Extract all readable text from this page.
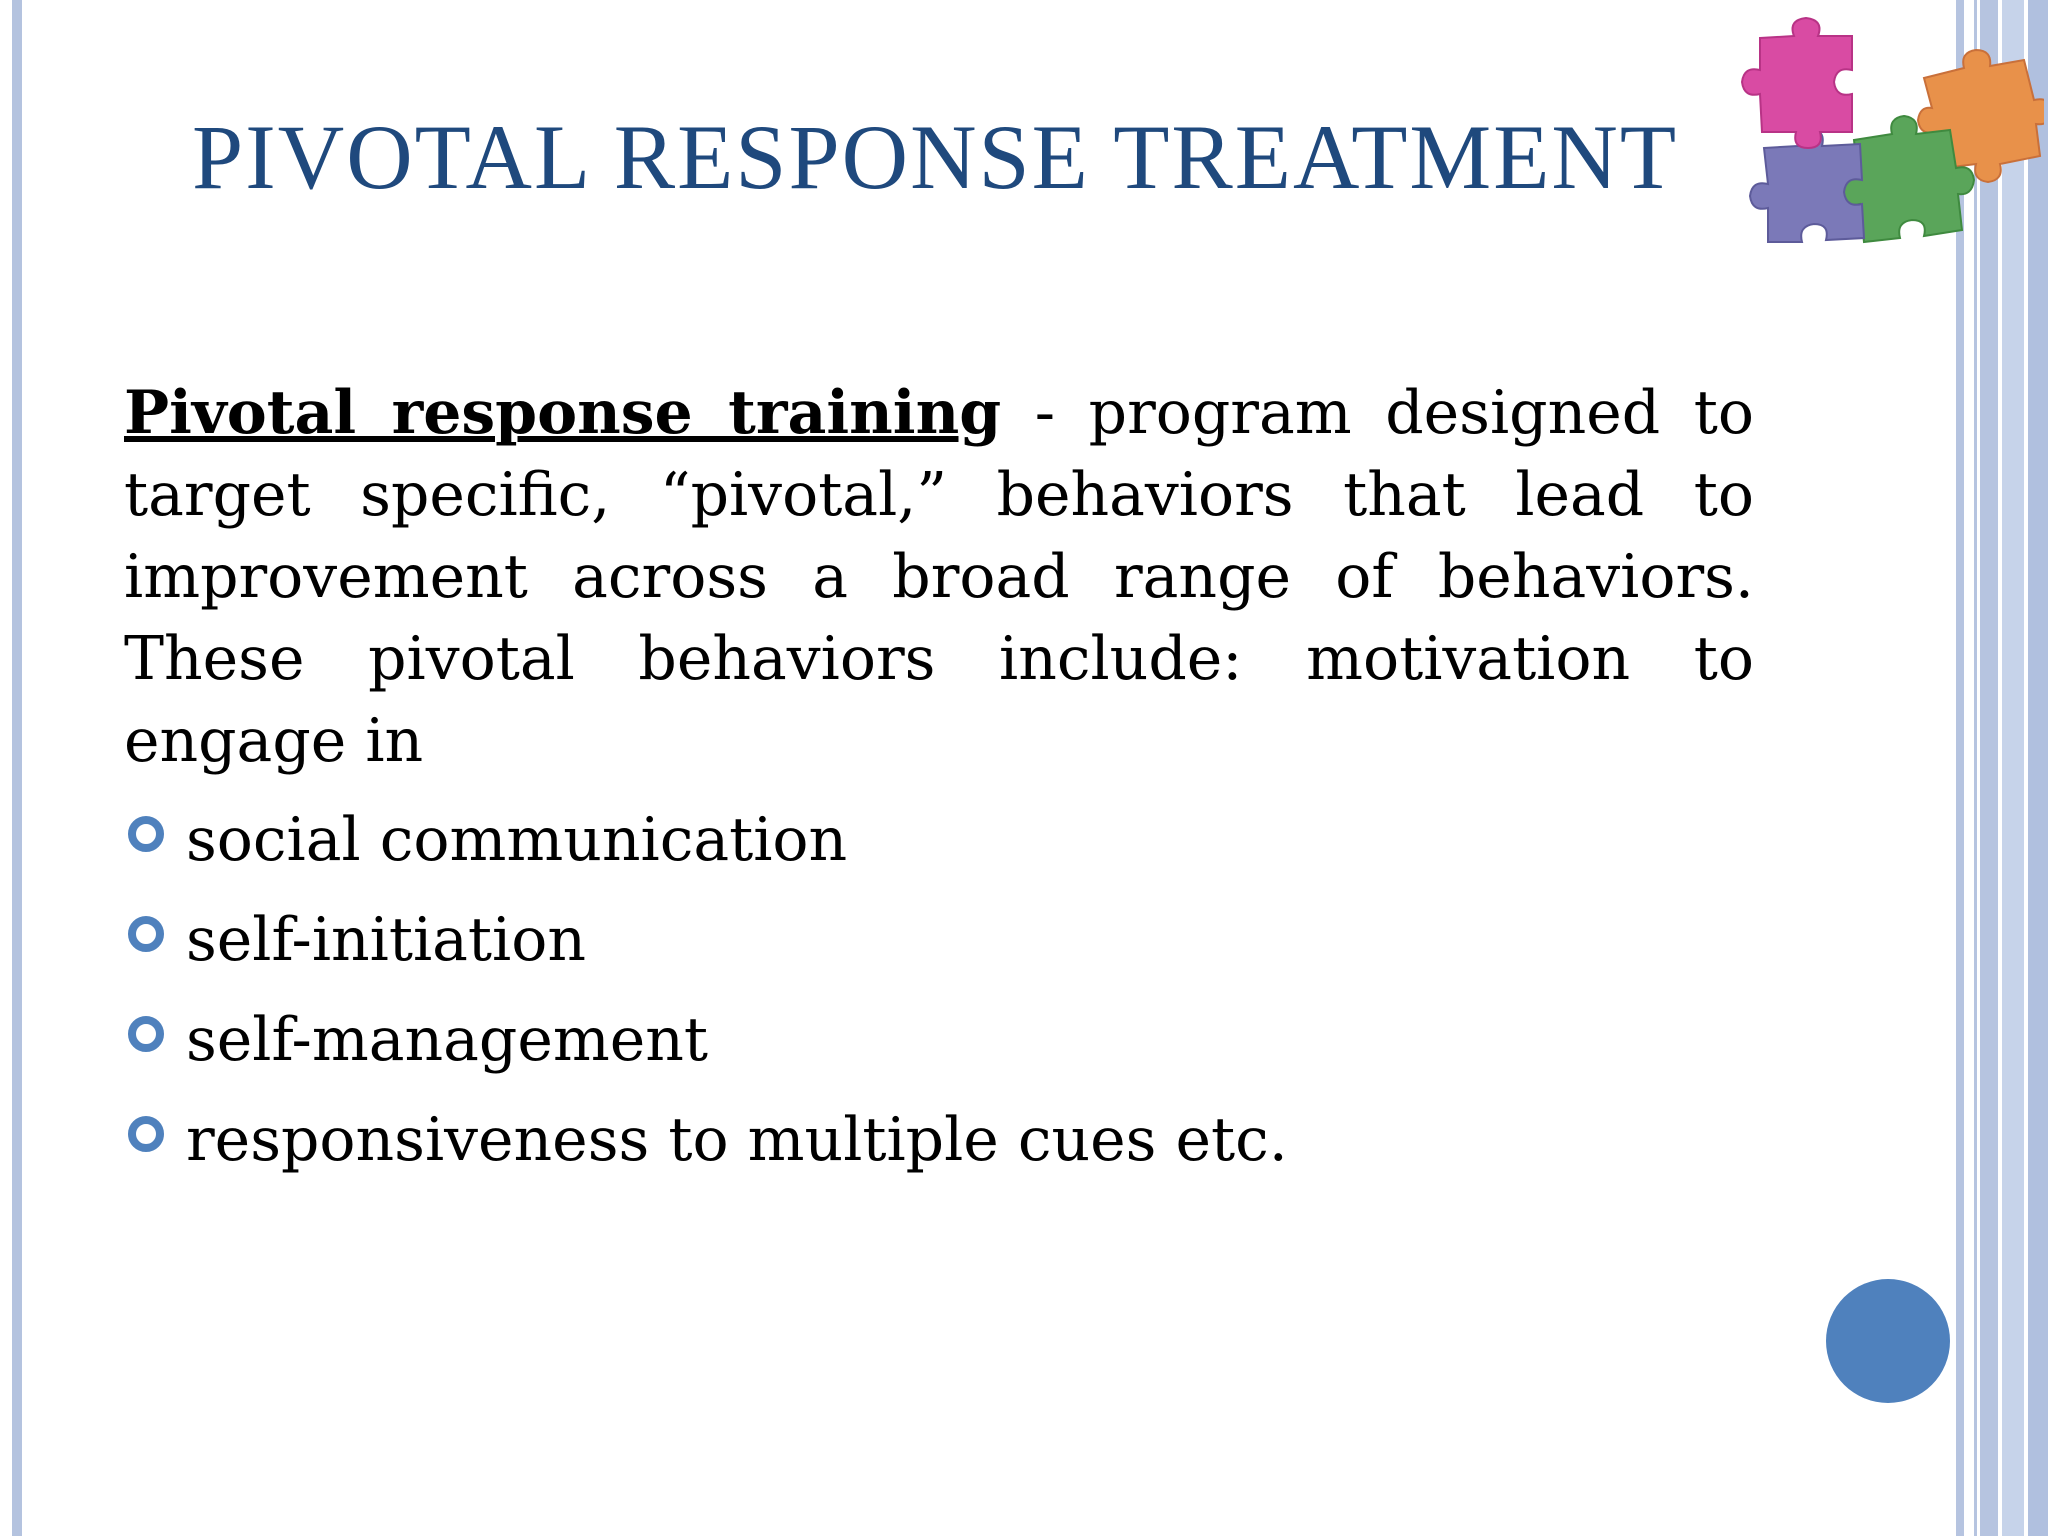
PIVOTAL RESPONSE TREATMENT

Pivotal response training - program designed to target specific, “pivotal,” behaviors that lead to improvement across a broad range of behaviors. These pivotal behaviors include: motivation to engage in

social communication
self-initiation
self-management
responsiveness to multiple cues etc.
